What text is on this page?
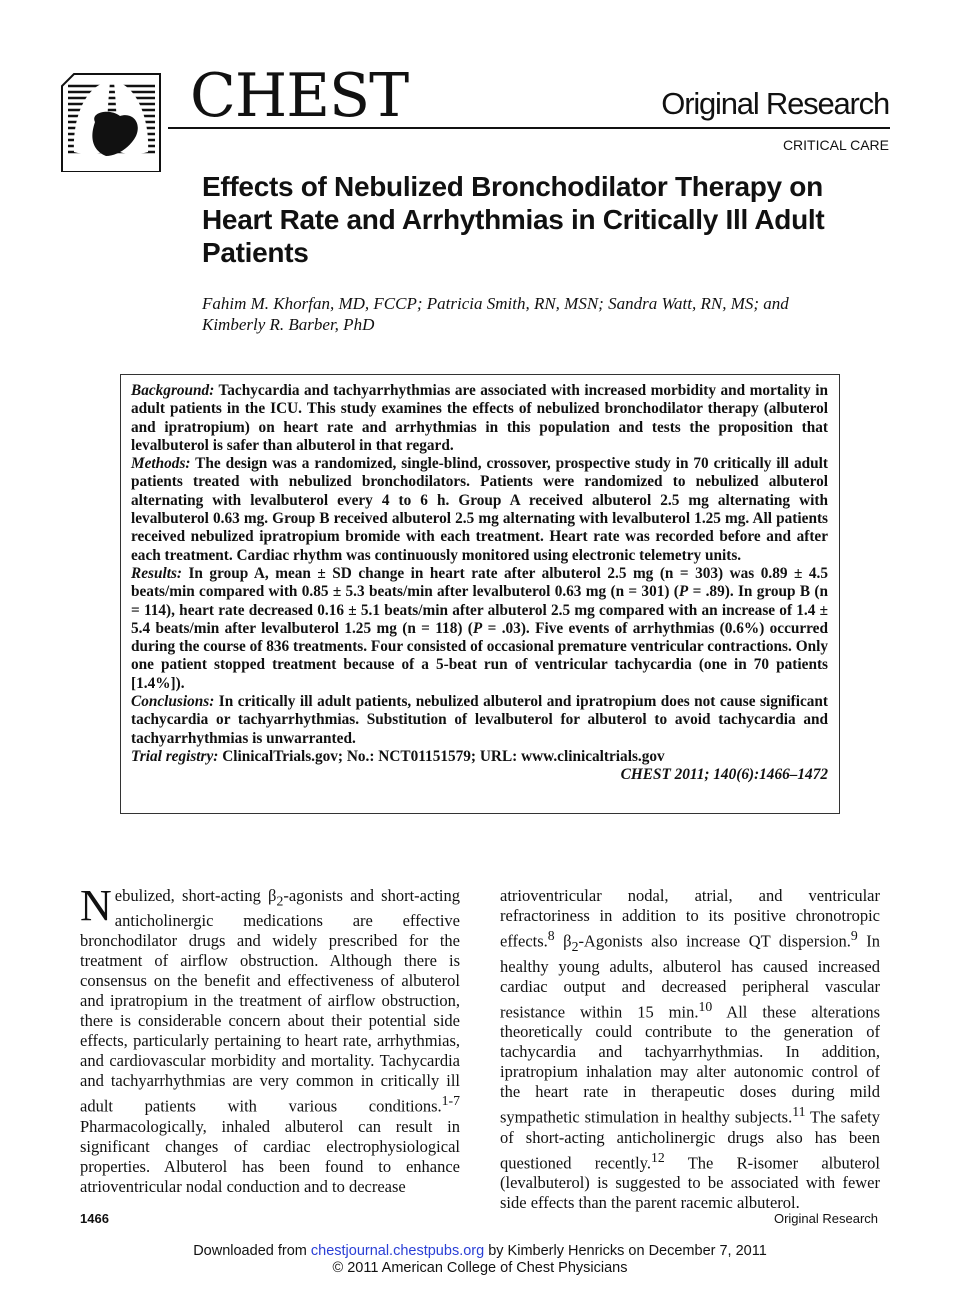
CHEST	Original Research
CRITICAL CARE
Effects of Nebulized Bronchodilator Therapy on Heart Rate and Arrhythmias in Critically Ill Adult Patients
Fahim M. Khorfan, MD, FCCP; Patricia Smith, RN, MSN; Sandra Watt, RN, MS; and Kimberly R. Barber, PhD

Background: Tachycardia and tachyarrhythmias are associated with increased morbidity and mortality in adult patients in the ICU. This study examines the effects of nebulized bronchodilator therapy (albuterol and ipratropium) on heart rate and arrhythmias in this population and tests the proposition that levalbuterol is safer than albuterol in that regard.

Methods: The design was a randomized, single-blind, crossover, prospective study in 70 critically ill adult patients treated with nebulized bronchodilators. Patients were randomized to nebulized albuterol alternating with levalbuterol every 4 to 6 h. Group A received albuterol 2.5 mg alternating with levalbuterol 0.63 mg. Group B received albuterol 2.5 mg alternating with levalbuterol 1.25 mg. All patients received nebulized ipratropium bromide with each treatment. Heart rate was recorded before and after each treatment. Cardiac rhythm was continuously monitored using electronic telemetry units.

Results: In group A, mean ± SD change in heart rate after albuterol 2.5 mg (n = 303) was 0.89 ± 4.5 beats/min compared with 0.85 ± 5.3 beats/min after levalbuterol 0.63 mg (n = 301) (P = .89). In group B (n = 114), heart rate decreased 0.16 ± 5.1 beats/min after albuterol 2.5 mg compared with an increase of 1.4 ± 5.4 beats/min after levalbuterol 1.25 mg (n = 118) (P = .03). Five events of arrhythmias (0.6%) occurred during the course of 836 treatments. Four consisted of occasional premature ventricular contractions. Only one patient stopped treatment because of a 5-beat run of ventricular tachycardia (one in 70 patients [1.4%]).

Conclusions: In critically ill adult patients, nebulized albuterol and ipratropium does not cause significant tachycardia or tachyarrhythmias. Substitution of levalbuterol for albuterol to avoid tachycardia and tachyarrhythmias is unwarranted.

Trial registry: ClinicalTrials.gov; No.: NCT01151579; URL: www.clinicaltrials.gov

CHEST 2011; 140(6):1466–1472

Nebulized, short-acting $\beta_2$-agonists and short-acting anticholinergic medications are effective bronchodilator drugs and widely prescribed for the treatment of airflow obstruction. Although there is consensus on the benefit and effectiveness of albuterol and ipratropium in the treatment of airflow obstruction, there is considerable concern about their potential side effects, particularly pertaining to heart rate, arrhythmias, and cardiovascular morbidity and mortality. Tachycardia and tachyarrhythmias are very common in critically ill adult patients with various conditions.$^{1-7}$ Pharmacologically, inhaled albuterol can result in significant changes of cardiac electrophysiological properties. Albuterol has been found to enhance atrioventricular nodal conduction and to decrease
atrioventricular nodal, atrial, and ventricular refractoriness in addition to its positive chronotropic effects.$^8$ $\beta_2$-Agonists also increase QT dispersion.$^9$ In healthy young adults, albuterol has caused increased cardiac output and decreased peripheral vascular resistance within 15 min.$^{10}$ All these alterations theoretically could contribute to the generation of tachycardia and tachyarrhythmias. In addition, ipratropium inhalation may alter autonomic control of the heart rate in therapeutic doses during mild sympathetic stimulation in healthy subjects.$^{11}$ The safety of short-acting anticholinergic drugs also has been questioned recently.$^{12}$ The R-isomer albuterol (levalbuterol) is suggested to be associated with fewer side effects than the parent racemic albuterol.
1466	Original Research
Downloaded from chestjournal.chestpubs.org by Kimberly Henricks on December 7, 2011
© 2011 American College of Chest Physicians
